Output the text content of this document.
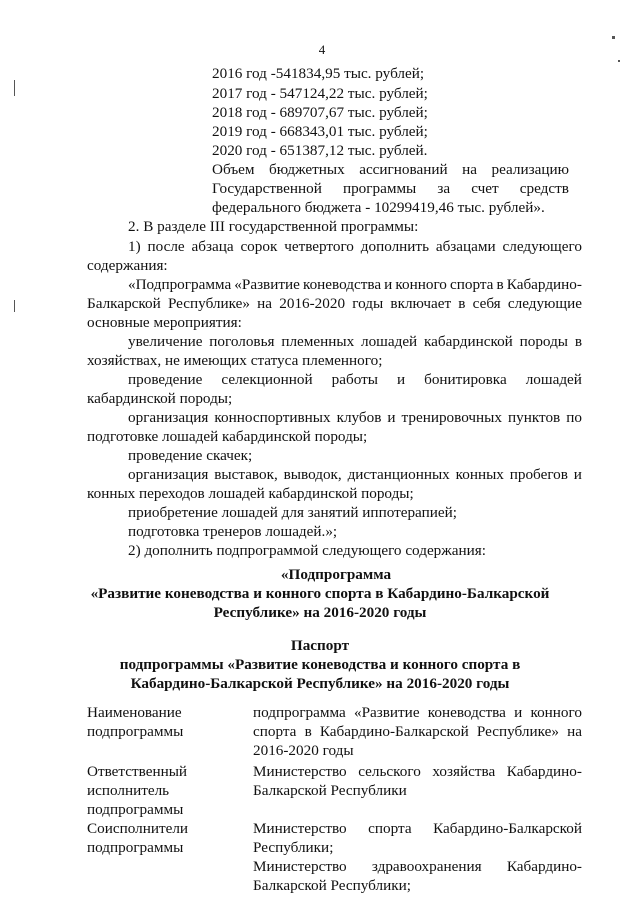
4
2016 год -541834,95 тыс. рублей;
2017 год - 547124,22 тыс. рублей;
2018 год - 689707,67 тыс. рублей;
2019 год - 668343,01 тыс. рублей;
2020 год - 651387,12 тыс. рублей.
Объем бюджетных ассигнований на реализацию
Государственной программы за счет средств
федерального бюджета - 10299419,46 тыс. рублей».
2. В разделе III государственной программы:
1) после абзаца сорок четвертого дополнить абзацами следующего
содержания:
«Подпрограмма «Развитие коневодства и конного спорта в Кабардино-
Балкарской Республике» на 2016-2020 годы включает в себя следующие
основные мероприятия:
увеличение поголовья племенных лошадей кабардинской породы в
хозяйствах, не имеющих статуса племенного;
проведение селекционной работы и бонитировка лошадей
кабардинской породы;
организация конноспортивных клубов и тренировочных пунктов по
подготовке лошадей кабардинской породы;
проведение скачек;
организация выставок, выводок, дистанционных конных пробегов и
конных переходов лошадей кабардинской породы;
приобретение лошадей для занятий иппотерапией;
подготовка тренеров лошадей.»;
2) дополнить подпрограммой следующего содержания:
«Подпрограмма
«Развитие коневодства и конного спорта в Кабардино-Балкарской
Республике» на 2016-2020 годы
Паспорт
подпрограммы «Развитие коневодства и конного спорта в
Кабардино-Балкарской Республике» на 2016-2020 годы
Наименование
подпрограммы
подпрограмма «Развитие коневодства и конного
спорта в Кабардино-Балкарской Республике» на
2016-2020 годы
Ответственный
исполнитель
подпрограммы
Министерство сельского хозяйства Кабардино-
Балкарской Республики
Соисполнители
подпрограммы
Министерство спорта Кабардино-Балкарской
Республики;
Министерство здравоохранения Кабардино-
Балкарской Республики;
